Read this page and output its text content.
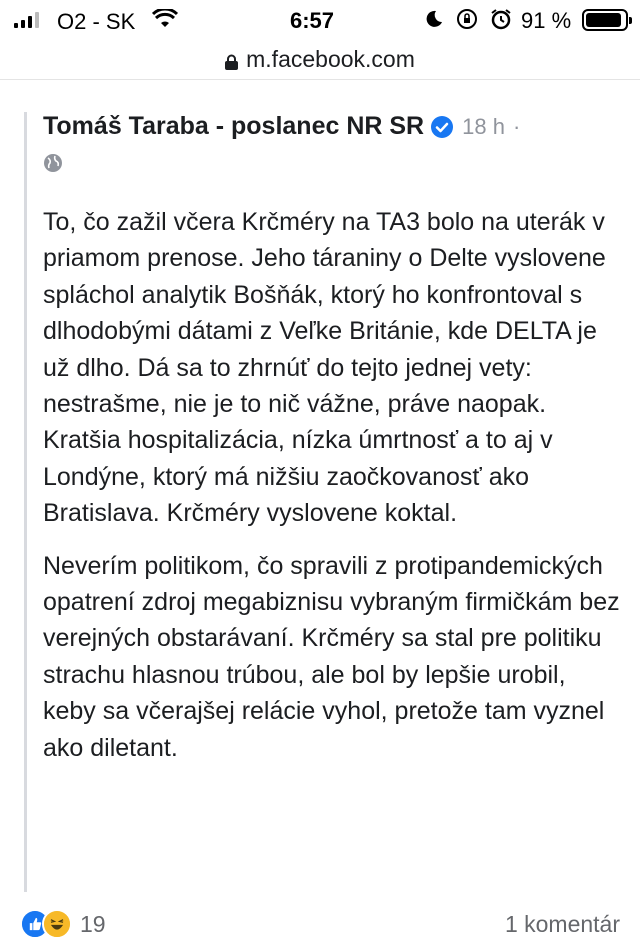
O2 - SK	6:57	91 %
m.facebook.com
Tomáš Taraba - poslanec NR SR 18 h ·

To, čo zažil včera Krčméry na TA3 bolo na uterák v priamom prenose. Jeho táraniny o Delte vyslovene spláchol analytik Bošňák, ktorý ho konfrontoval s dlhodobými dátami z Veľke Británie, kde DELTA je už dlho. Dá sa to zhrnúť do tejto jednej vety: nestrašme, nie je to nič vážne, práve naopak. Kratšia hospitalizácia, nízka úmrtnosť a to aj v Londýne, ktorý má nižšiu zaočkovanosť ako Bratislava. Krčméry vyslovene koktal.

Neverím politikom, čo spravili z protipandemických opatrení zdroj megabiznisu vybraným firmičkám bez verejných obstarávaní. Krčméry sa stal pre politiku strachu hlasnou trúbou, ale bol by lepšie urobil, keby sa včerajšej relácie vyhol, pretože tam vyznel ako diletant.

19	1 komentár
